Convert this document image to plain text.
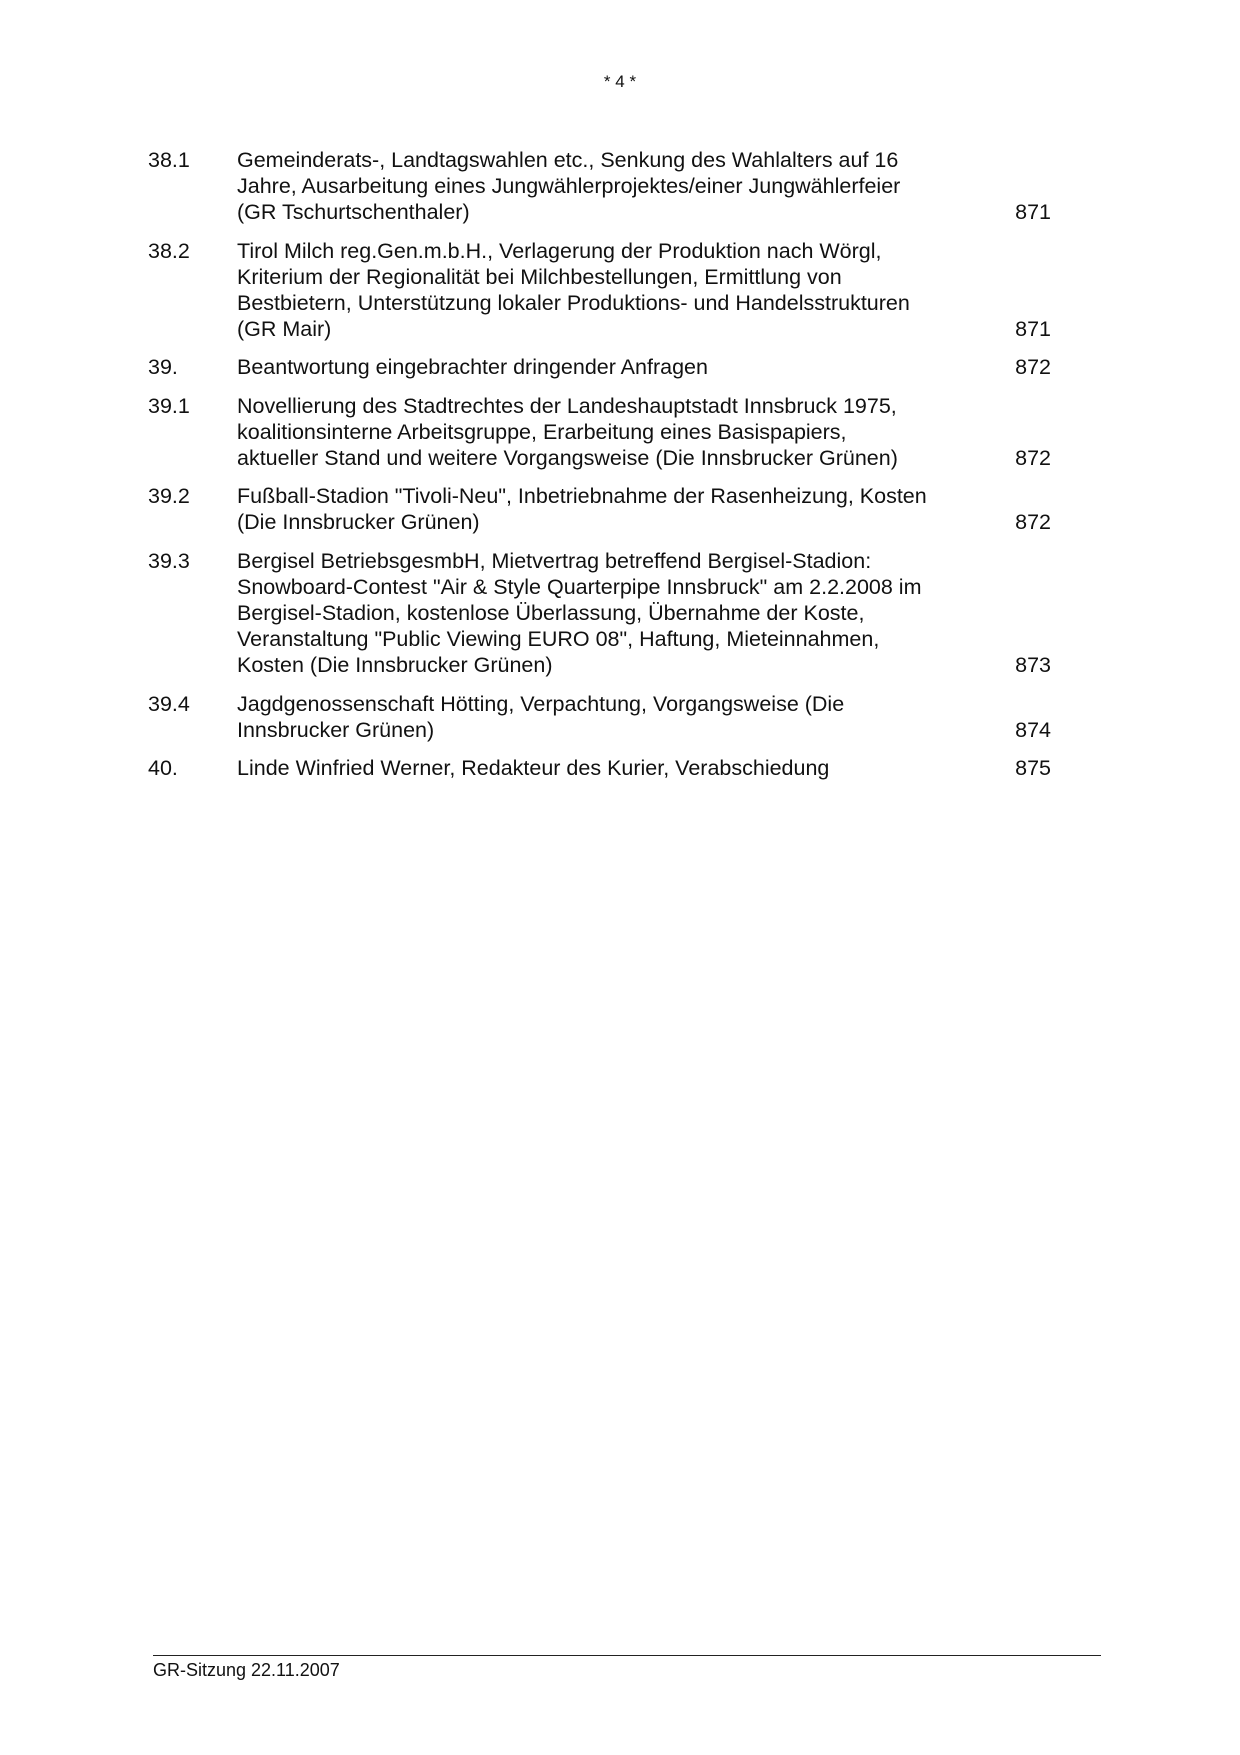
* 4 *
38.1	Gemeinderats-, Landtagswahlen etc., Senkung des Wahlalters auf 16 Jahre, Ausarbeitung eines Jungwählerprojektes/einer Jungwählerfeier (GR Tschurtschenthaler)	871
38.2	Tirol Milch reg.Gen.m.b.H., Verlagerung der Produktion nach Wörgl, Kriterium der Regionalität bei Milchbestellungen, Ermittlung von Bestbietern, Unterstützung lokaler Produktions- und Handelsstrukturen (GR Mair)	871
39.	Beantwortung eingebrachter dringender Anfragen	872
39.1	Novellierung des Stadtrechtes der Landeshauptstadt Innsbruck 1975, koalitionsinterne Arbeitsgruppe, Erarbeitung eines Basispapiers, aktueller Stand und weitere Vorgangsweise (Die Innsbrucker Grünen)	872
39.2	Fußball-Stadion "Tivoli-Neu", Inbetriebnahme der Rasenheizung, Kosten (Die Innsbrucker Grünen)	872
39.3	Bergisel BetriebsgesmbH, Mietvertrag betreffend Bergisel-Stadion: Snowboard-Contest "Air & Style Quarterpipe Innsbruck" am 2.2.2008 im Bergisel-Stadion, kostenlose Überlassung, Übernahme der Koste, Veranstaltung "Public Viewing EURO 08", Haftung, Mieteinnahmen, Kosten (Die Innsbrucker Grünen)	873
39.4	Jagdgenossenschaft Hötting, Verpachtung, Vorgangsweise (Die Innsbrucker Grünen)	874
40.	Linde Winfried Werner, Redakteur des Kurier, Verabschiedung	875
GR-Sitzung 22.11.2007
